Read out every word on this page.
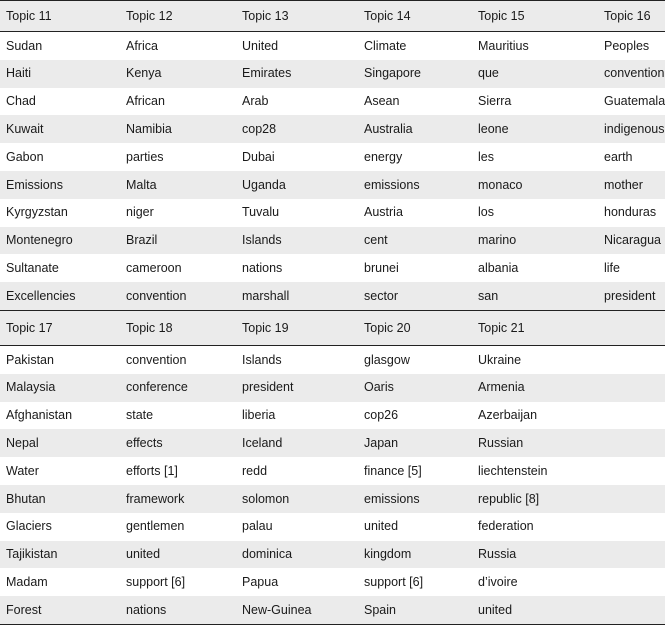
Topic 11	Topic 12	Topic 13	Topic 14	Topic 15	Topic 16
Sudan	Africa	United	Climate	Mauritius	Peoples
Haiti	Kenya	Emirates	Singapore	que	convention
Chad	African	Arab	Asean	Sierra	Guatemala
Kuwait	Namibia	cop28	Australia	leone	indigenous
Gabon	parties	Dubai	energy	les	earth
Emissions	Malta	Uganda	emissions	monaco	mother
Kyrgyzstan	niger	Tuvalu	Austria	los	honduras
Montenegro	Brazil	Islands	cent	marino	Nicaragua
Sultanate	cameroon	nations	brunei	albania	life
Excellencies	convention	marshall	sector	san	president
Topic 17	Topic 18	Topic 19	Topic 20	Topic 21	
Pakistan	convention	Islands	glasgow	Ukraine	
Malaysia	conference	president	Oaris	Armenia	
Afghanistan	state	liberia	cop26	Azerbaijan	
Nepal	effects	Iceland	Japan	Russian	
Water	efforts [1]	redd	finance [5]	liechtenstein	
Bhutan	framework	solomon	emissions	republic [8]	
Glaciers	gentlemen	palau	united	federation	
Tajikistan	united	dominica	kingdom	Russia	
Madam	support [6]	Papua	support [6]	d’ivoire	
Forest	nations	New-Guinea	Spain	united	
